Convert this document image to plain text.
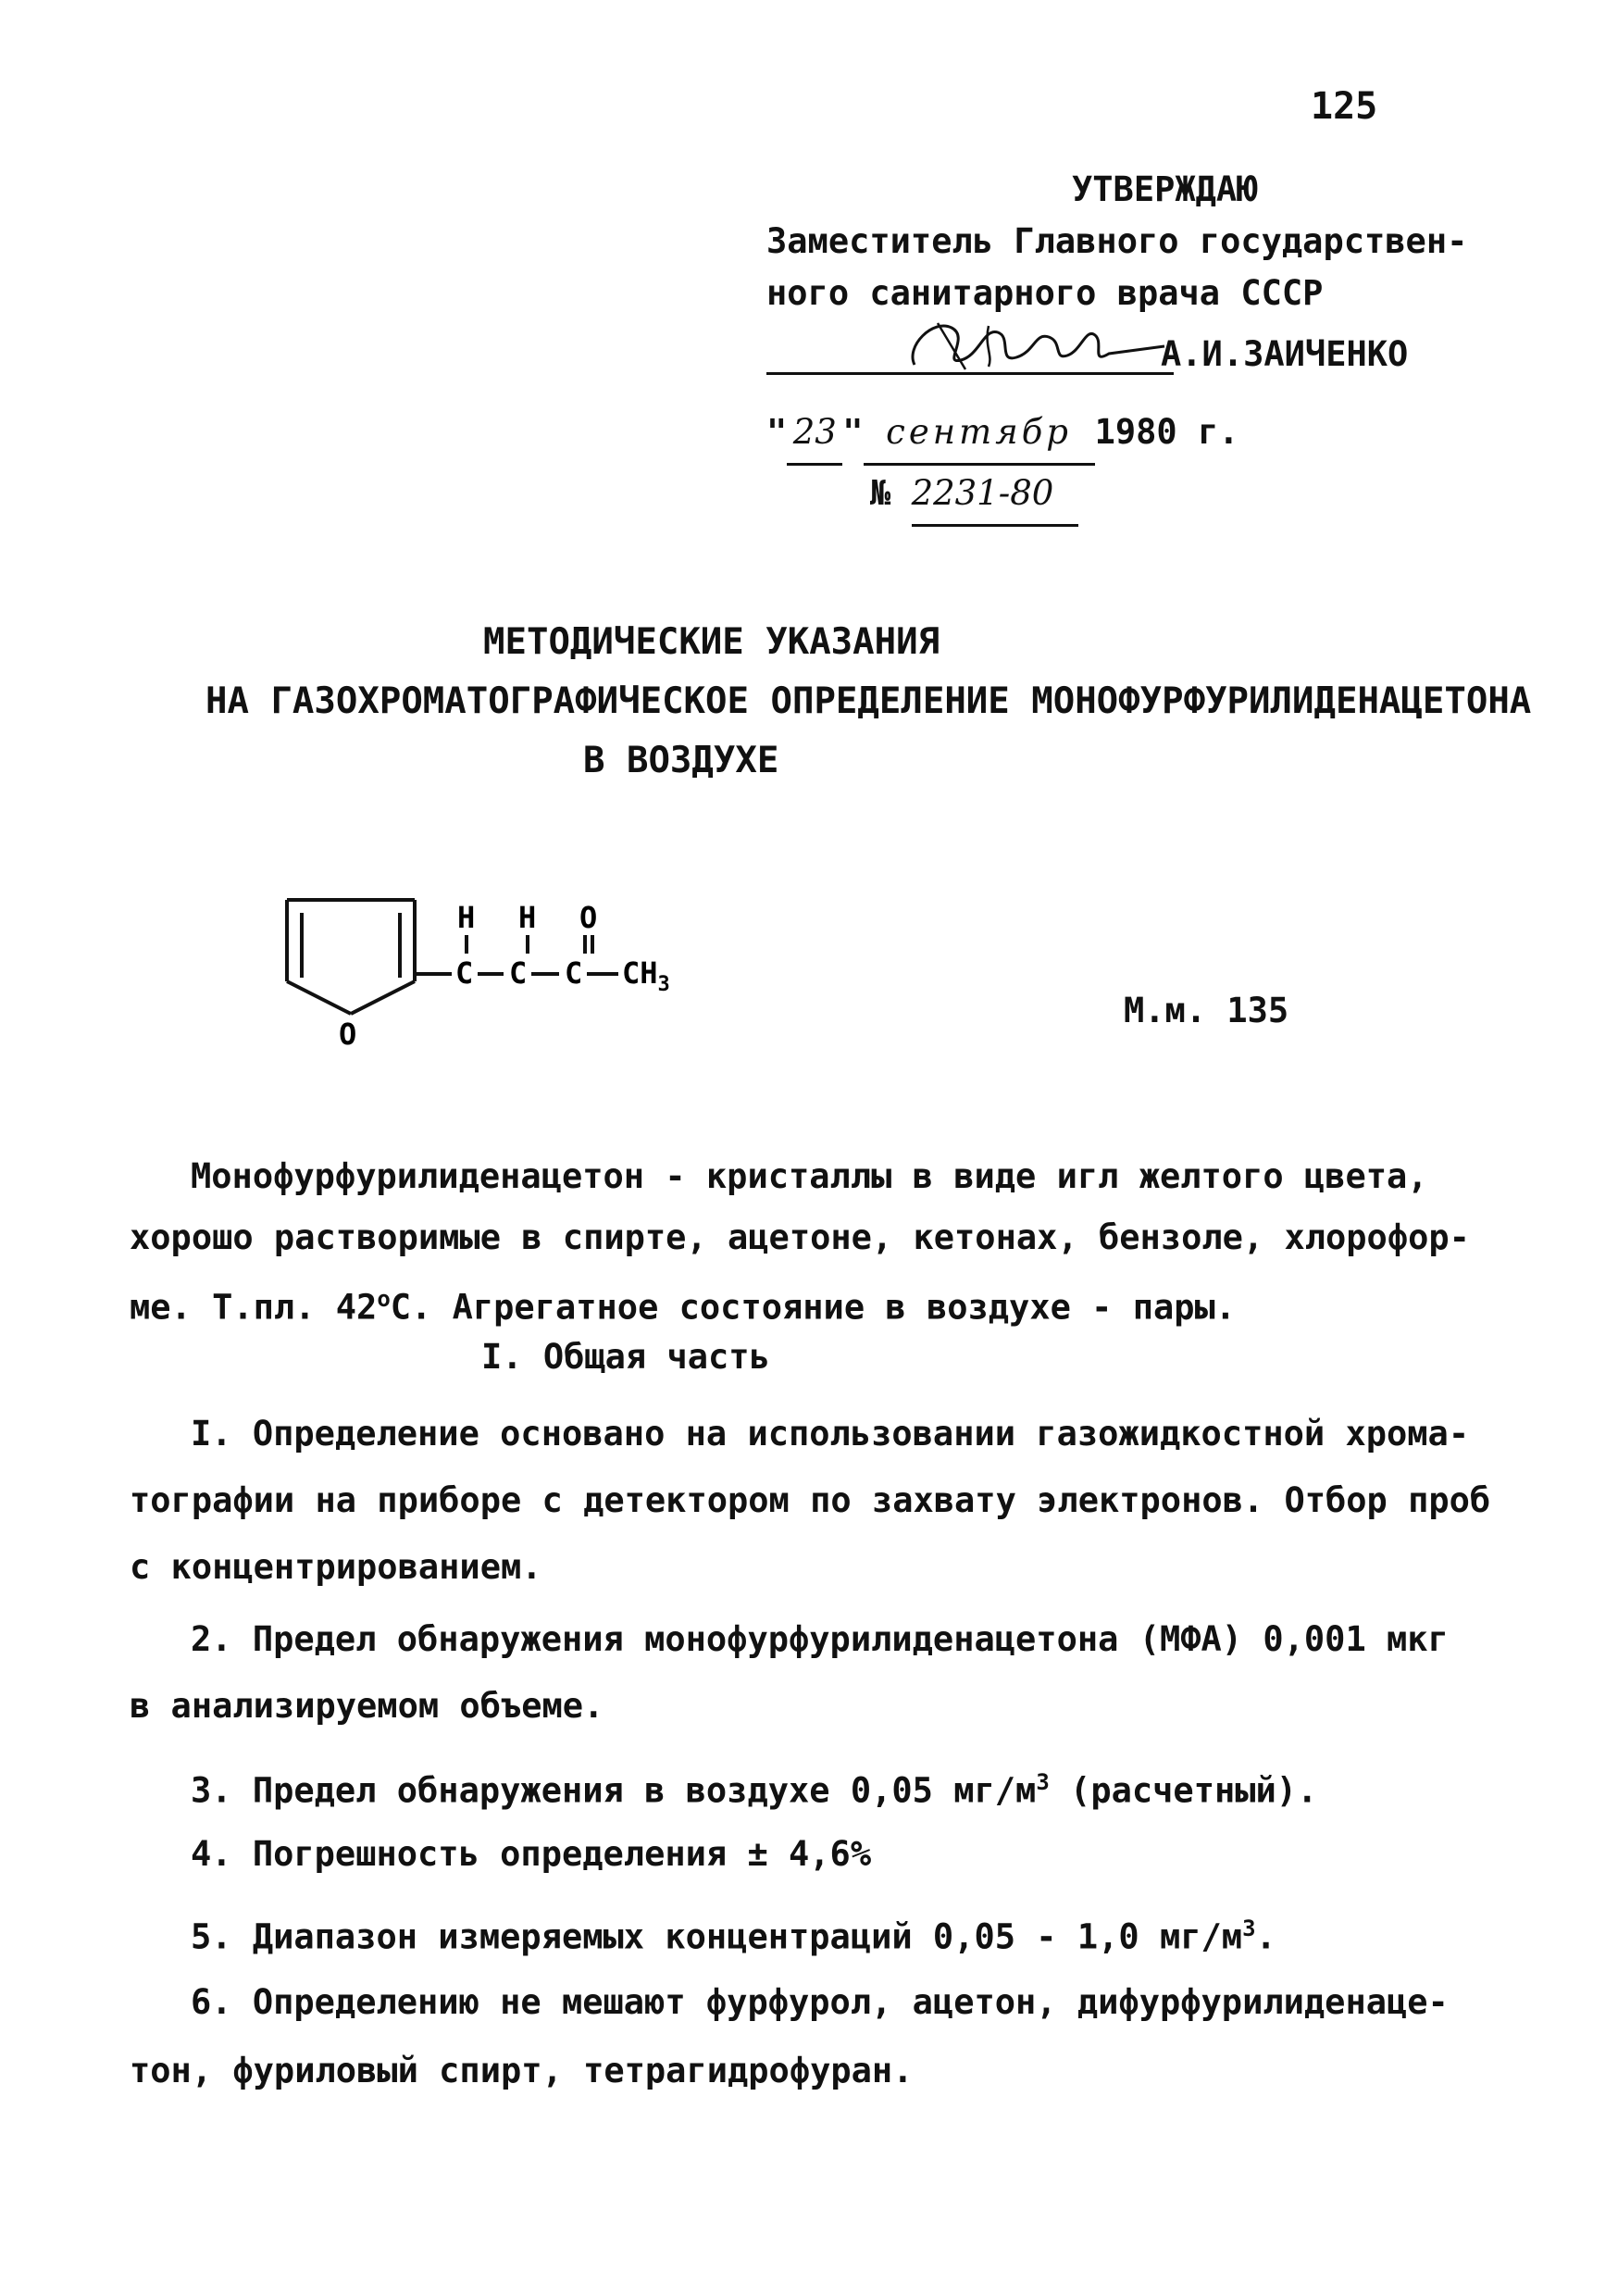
125
УТВЕРЖДАЮ
Заместитель Главного государствен-
ного санитарного врача СССР
А.И.ЗАИЧЕНКО
" 23 " сентябр 1980 г.
№ 2231-80
МЕТОДИЧЕСКИЕ УКАЗАНИЯ
НА ГАЗОХРОМАТОГРАФИЧЕСКОЕ ОПРЕДЕЛЕНИЕ МОНОФУРФУРИЛИДЕНАЦЕТОНА
В ВОЗДУХЕ
O
H
C
H
C
O
C $CH_3$
М.м. 135
Монофурфурилиденацетон - кристаллы в виде игл желтого цвета,
хорошо растворимые в спирте, ацетоне, кетонах, бензоле, хлорофор-
ме. Т.пл. $42^оС$. Агрегатное состояние в воздухе - пары.
I. Общая часть
I. Определение основано на использовании газожидкостной хрома-
тографии на приборе с детектором по захвату электронов. Отбор проб
с концентрированием.
2. Предел обнаружения монофурфурилиденацетона (МФА) 0,001 мкг
в анализируемом объеме.
3. Предел обнаружения в воздухе 0,05 $мг/м^3$ (расчетный).
4. Погрешность определения ± 4,6%
5. Диапазон измеряемых концентраций 0,05 - 1,0 $мг/м^3$.
6. Определению не мешают фурфурол, ацетон, дифурфурилиденаце-
тон, фуриловый спирт, тетрагидрофуран.
